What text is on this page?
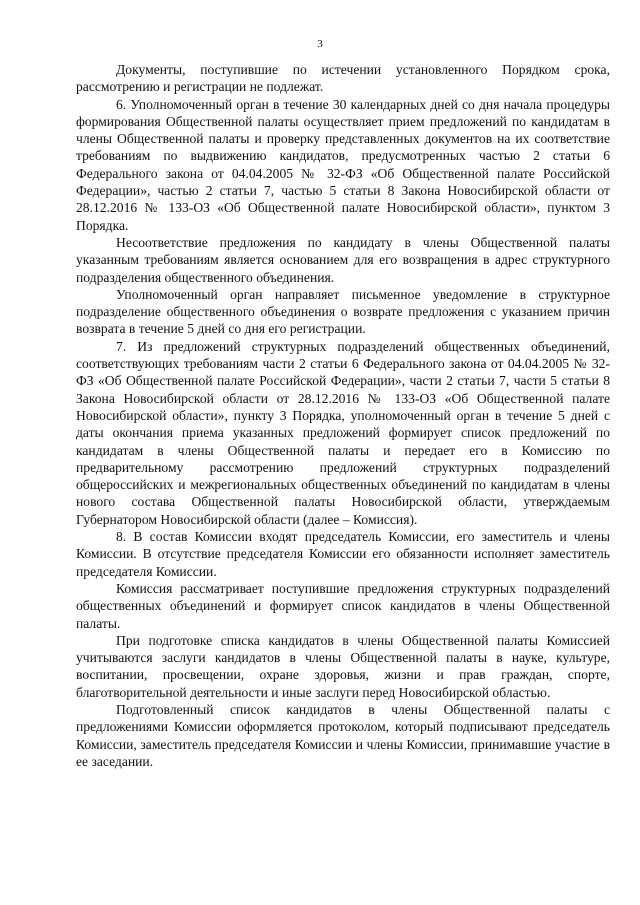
3

Документы, поступившие по истечении установленного Порядком срока, рассмотрению и регистрации не подлежат.

6. Уполномоченный орган в течение 30 календарных дней со дня начала процедуры формирования Общественной палаты осуществляет прием предложений по кандидатам в члены Общественной палаты и проверку представленных документов на их соответствие требованиям по выдвижению кандидатов, предусмотренных частью 2 статьи 6 Федерального закона от 04.04.2005 № 32-ФЗ «Об Общественной палате Российской Федерации», частью 2 статьи 7, частью 5 статьи 8 Закона Новосибирской области от 28.12.2016 № 133-ОЗ «Об Общественной палате Новосибирской области», пунктом 3 Порядка.

Несоответствие предложения по кандидату в члены Общественной палаты указанным требованиям является основанием для его возвращения в адрес структурного подразделения общественного объединения.

Уполномоченный орган направляет письменное уведомление в структурное подразделение общественного объединения о возврате предложения с указанием причин возврата в течение 5 дней со дня его регистрации.

7. Из предложений структурных подразделений общественных объединений, соответствующих требованиям части 2 статьи 6 Федерального закона от 04.04.2005 № 32-ФЗ «Об Общественной палате Российской Федерации», части 2 статьи 7, части 5 статьи 8 Закона Новосибирской области от 28.12.2016 № 133-ОЗ «Об Общественной палате Новосибирской области», пункту 3 Порядка, уполномоченный орган в течение 5 дней с даты окончания приема указанных предложений формирует список предложений по кандидатам в члены Общественной палаты и передает его в Комиссию по предварительному рассмотрению предложений структурных подразделений общероссийских и межрегиональных общественных объединений по кандидатам в члены нового состава Общественной палаты Новосибирской области, утверждаемым Губернатором Новосибирской области (далее – Комиссия).

8. В состав Комиссии входят председатель Комиссии, его заместитель и члены Комиссии. В отсутствие председателя Комиссии его обязанности исполняет заместитель председателя Комиссии.

Комиссия рассматривает поступившие предложения структурных подразделений общественных объединений и формирует список кандидатов в члены Общественной палаты.

При подготовке списка кандидатов в члены Общественной палаты Комиссией учитываются заслуги кандидатов в члены Общественной палаты в науке, культуре, воспитании, просвещении, охране здоровья, жизни и прав граждан, спорте, благотворительной деятельности и иные заслуги перед Новосибирской областью.

Подготовленный список кандидатов в члены Общественной палаты с предложениями Комиссии оформляется протоколом, который подписывают председатель Комиссии, заместитель председателя Комиссии и члены Комиссии, принимавшие участие в ее заседании.
